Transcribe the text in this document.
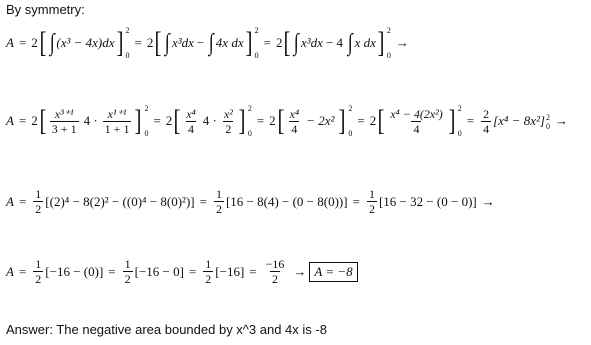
By symmetry:
A = 2 [ ∫ (x³ − 4x)dx ] 2
0
= 2 [ ∫ x³dx − ∫ 4x dx ] 2
0
= 2 [ ∫ x³dx − 4 ∫ x dx ] 2
0
→
A = 2 [ $\frac{\text{x³⁺¹}}{3 + 1} 4 \cdot \frac{\text{x¹⁺¹}}{1 + 1}$ ] 2
0
= 2 [ $\frac{\text{x⁴}}{4} 4 \cdot \frac{\text{x²}}{2}$ ] 2
0
= 2 [ $\frac{\text{x⁴}}{4} - 2x^2$ ] 2
0
= 2 [ $\frac{\text{x⁴ − 4(2x²)}}{4}$ ] 2
0
= $\frac{2}{4} [x^4 - 8x^2]$ 2
0 →
$A = \frac{1}{2} [(2)^4 - 8(2)^2 - ((0)^4 - 8(0)^2)] = \frac{1}{2} [16 - 8(4) - (0 - 8(0))] = \frac{1}{2} [16 - 32 - (0 - 0)]$ →
$A = \frac{1}{2} [-16 - (0)] = \frac{1}{2} [-16 - 0] = \frac{1}{2} [-16] = \frac{-16}{2} \to A = -8$
Answer: The negative area bounded by x^3 and 4x is -8
